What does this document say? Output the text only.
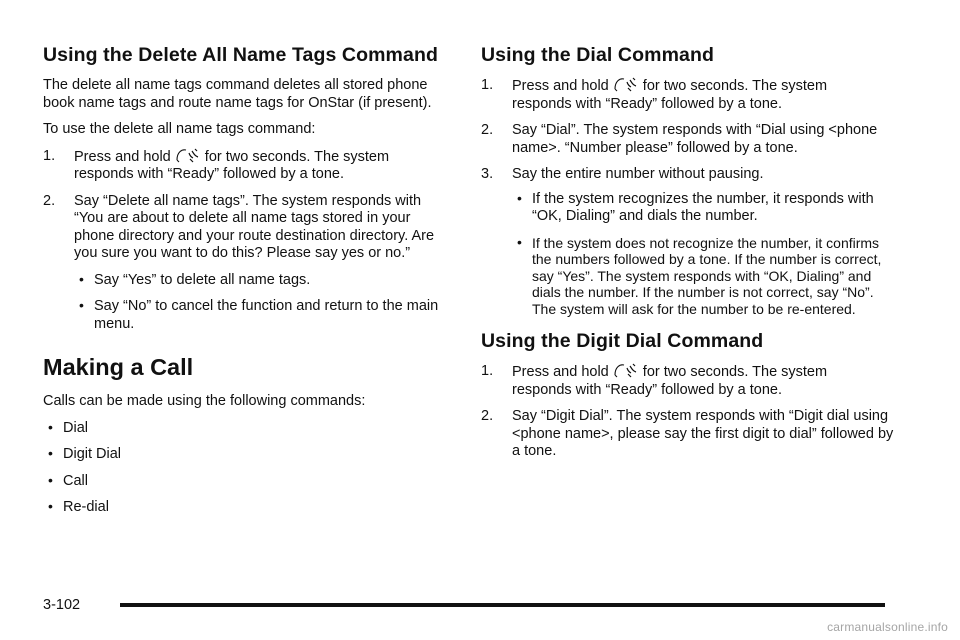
Using the Delete All Name Tags Command

The delete all name tags command deletes all stored phone book name tags and route name tags for OnStar (if present).

To use the delete all name tags command:

1.	Press and hold for two seconds. The system
responds with “Ready” followed by a tone.
2.	Say “Delete all name tags”. The system responds with “You are about to delete all name tags stored in your phone directory and your route destination directory. Are you sure you want to do this? Please say yes or no.”
• Say “Yes” to delete all name tags.
• Say “No” to cancel the function and return to the main menu.
Making a Call

Calls can be made using the following commands:

• Dial
• Digit Dial
• Call
• Re-dial
Using the Dial Command
1.	Press and hold for two seconds. The system
responds with “Ready” followed by a tone.
2.	Say “Dial”. The system responds with “Dial using <phone name>. “Number please” followed by a tone.
3.	Say the entire number without pausing.
• If the system recognizes the number, it responds with “OK, Dialing” and dials the number.
• If the system does not recognize the number, it confirms the numbers followed by a tone. If the number is correct, say “Yes”. The system responds with “OK, Dialing” and dials the number. If the number is not correct, say “No”. The system will ask for the number to be re-entered.
Using the Digit Dial Command
1.	Press and hold for two seconds. The system
responds with “Ready” followed by a tone.
2.	Say “Digit Dial”. The system responds with “Digit dial using <phone name>, please say the first digit to dial” followed by a tone.
3-102
carmanualsonline.info
